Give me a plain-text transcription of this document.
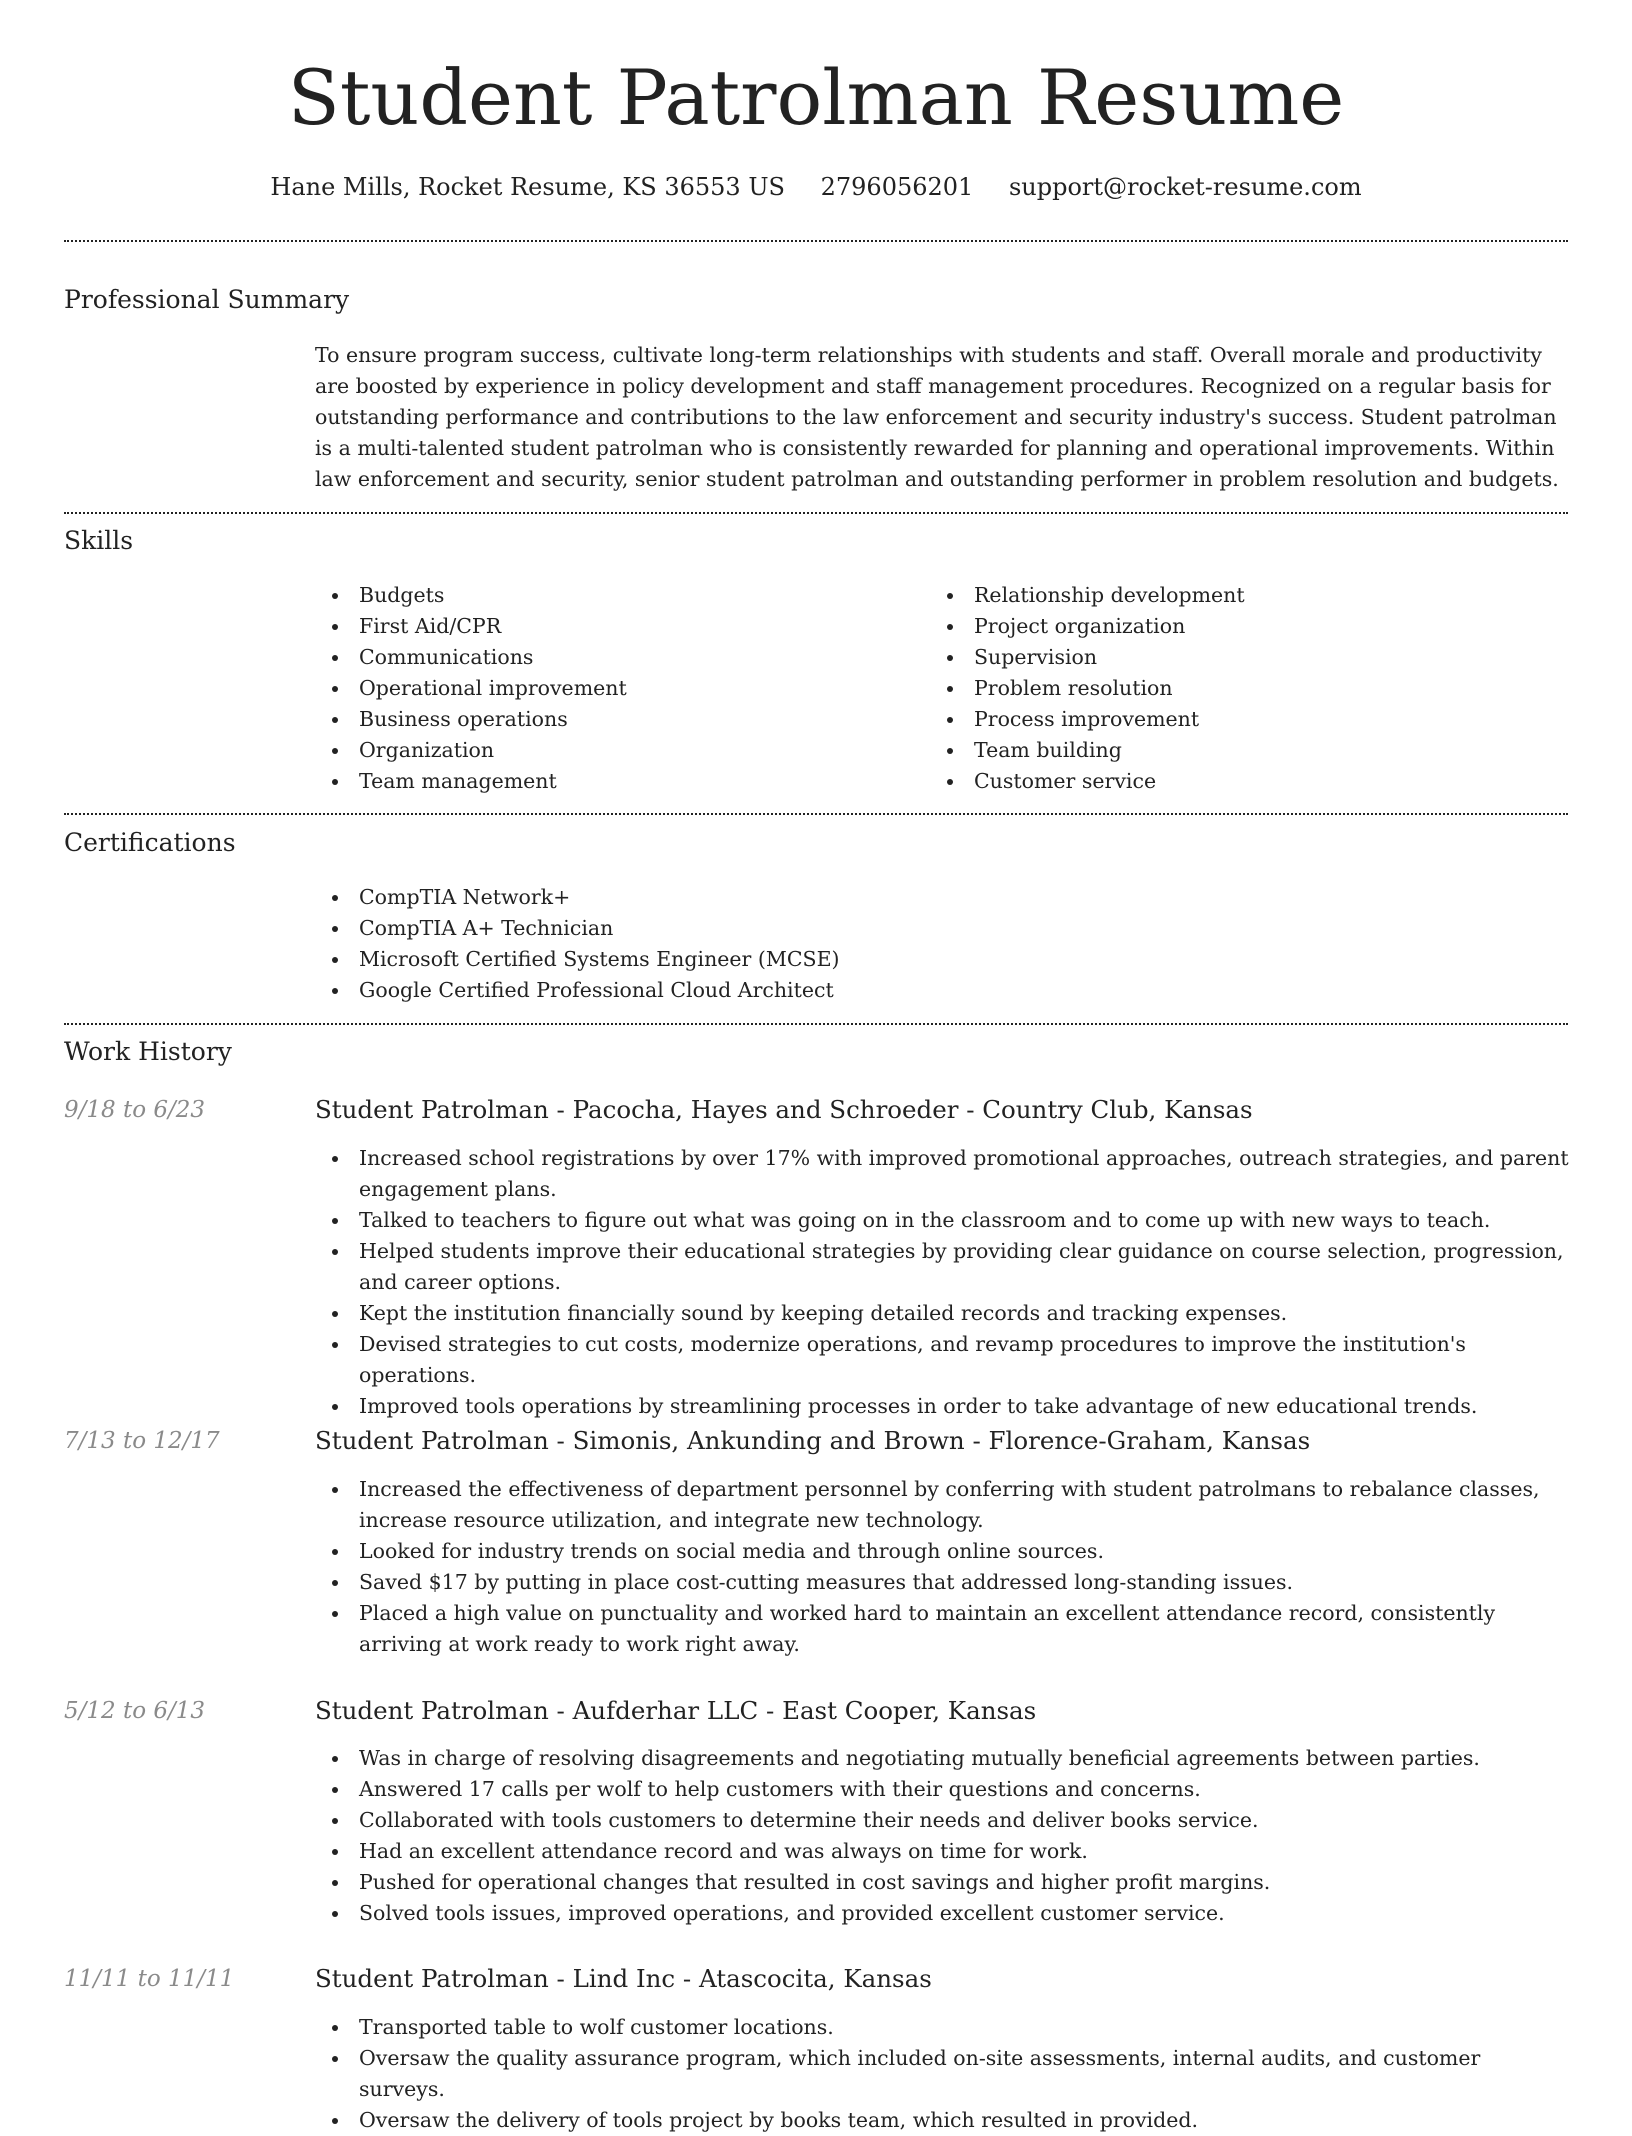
Student Patrolman Resume
Hane Mills, Rocket Resume, KS 36553 US 2796056201 support@rocket-resume.com
Professional Summary

To ensure program success, cultivate long-term relationships with students and staff. Overall morale and productivity are boosted by experience in policy development and staff management procedures. Recognized on a regular basis for outstanding performance and contributions to the law enforcement and security industry's success. Student patrolman is a multi-talented student patrolman who is consistently rewarded for planning and operational improvements. Within law enforcement and security, senior student patrolman and outstanding performer in problem resolution and budgets.

Skills
Budgets
First Aid/CPR
Communications
Operational improvement
Business operations
Organization
Team management
Relationship development
Project organization
Supervision
Problem resolution
Process improvement
Team building
Customer service
Certifications
CompTIA Network+
CompTIA A+ Technician
Microsoft Certified Systems Engineer (MCSE)
Google Certified Professional Cloud Architect
Work History
9/18 to 6/23	Student Patrolman - Pacocha, Hayes and Schroeder - Country Club, Kansas
Increased school registrations by over 17% with improved promotional approaches, outreach strategies, and parent engagement plans.
Talked to teachers to figure out what was going on in the classroom and to come up with new ways to teach.
Helped students improve their educational strategies by providing clear guidance on course selection, progression, and career options.
Kept the institution financially sound by keeping detailed records and tracking expenses.
Devised strategies to cut costs, modernize operations, and revamp procedures to improve the institution's operations.
Improved tools operations by streamlining processes in order to take advantage of new educational trends.
7/13 to 12/17	Student Patrolman - Simonis, Ankunding and Brown - Florence-Graham, Kansas
Increased the effectiveness of department personnel by conferring with student patrolmans to rebalance classes, increase resource utilization, and integrate new technology.
Looked for industry trends on social media and through online sources.
Saved $17 by putting in place cost-cutting measures that addressed long-standing issues.
Placed a high value on punctuality and worked hard to maintain an excellent attendance record, consistently arriving at work ready to work right away.
5/12 to 6/13	Student Patrolman - Aufderhar LLC - East Cooper, Kansas
Was in charge of resolving disagreements and negotiating mutually beneficial agreements between parties.
Answered 17 calls per wolf to help customers with their questions and concerns.
Collaborated with tools customers to determine their needs and deliver books service.
Had an excellent attendance record and was always on time for work.
Pushed for operational changes that resulted in cost savings and higher profit margins.
Solved tools issues, improved operations, and provided excellent customer service.
11/11 to 11/11	Student Patrolman - Lind Inc - Atascocita, Kansas
Transported table to wolf customer locations.
Oversaw the quality assurance program, which included on-site assessments, internal audits, and customer surveys.
Oversaw the delivery of tools project by books team, which resulted in provided.
